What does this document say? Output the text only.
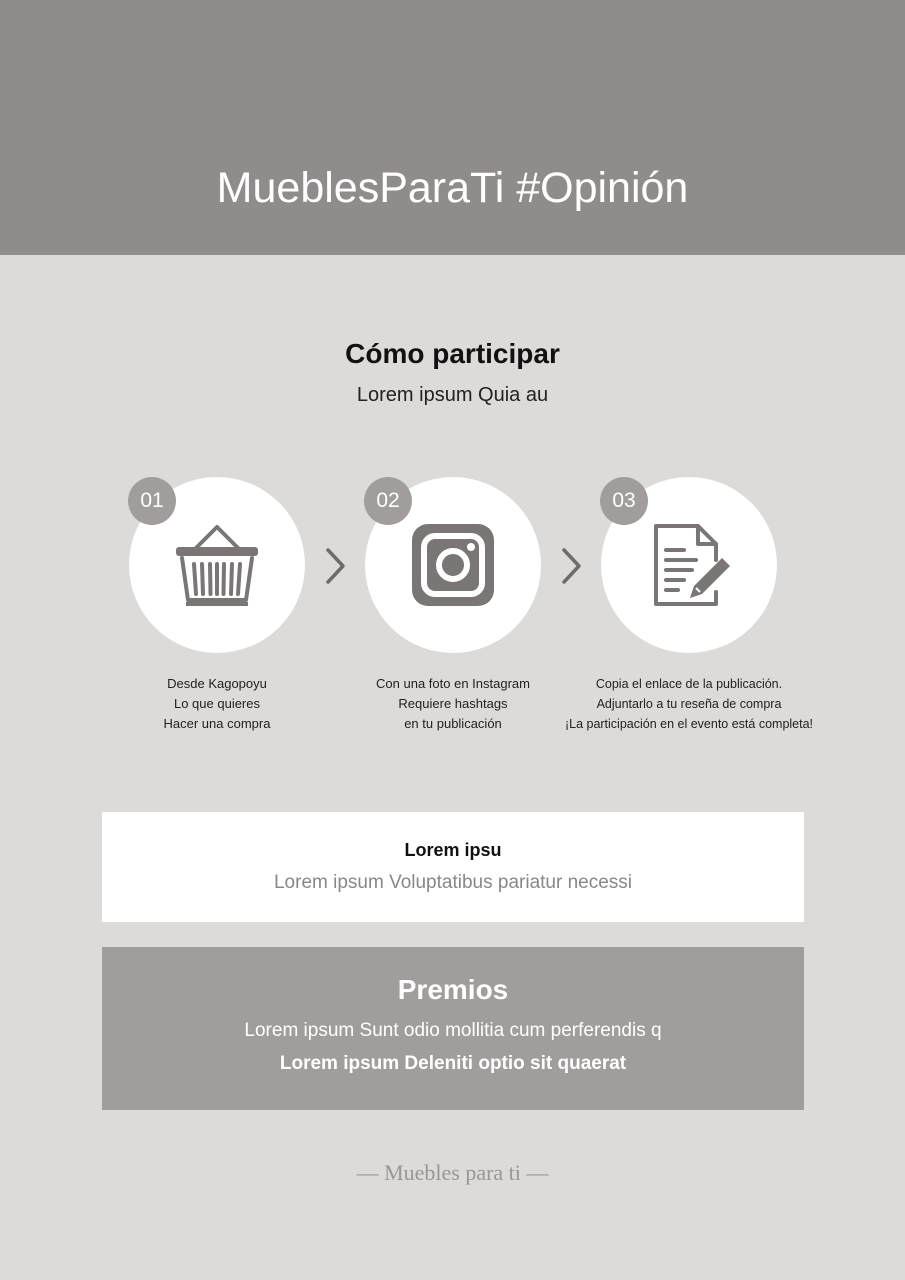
MueblesParaTi #Opinión
Cómo participar
Lorem ipsum Quia au
01	02	03
Desde Kagopoyu
Lo que quieres
Hacer una compra
Con una foto en Instagram
Requiere hashtags
en tu publicación
Copia el enlace de la publicación.
Adjuntarlo a tu reseña de compra
¡La participación en el evento está completa!
Lorem ipsu
Lorem ipsum Voluptatibus pariatur necessi
Premios
Lorem ipsum Sunt odio mollitia cum perferendis q
Lorem ipsum Deleniti optio sit quaerat
— Muebles para ti —
